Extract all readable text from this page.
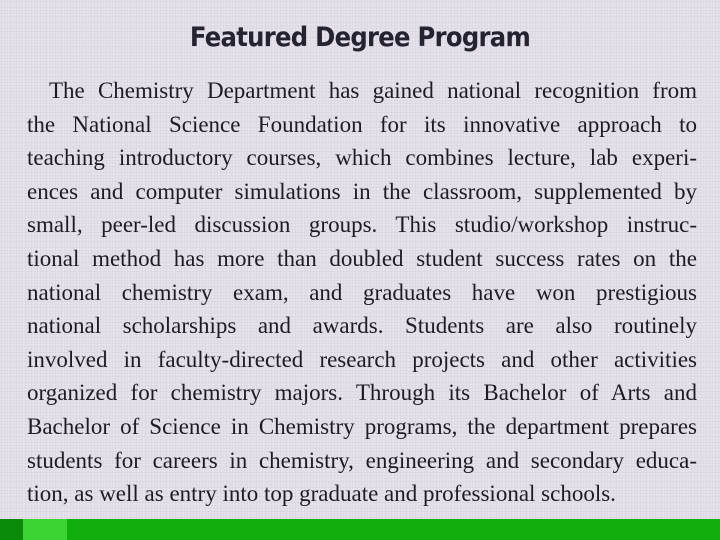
Featured Degree Program
The Chemistry Department has gained national recognition from
the National Science Foundation for its innovative approach to
teaching introductory courses, which combines lecture, lab experi-
ences and computer simulations in the classroom, supplemented by
small, peer-led discussion groups. This studio/workshop instruc-
tional method has more than doubled student success rates on the
national chemistry exam, and graduates have won prestigious
national scholarships and awards. Students are also routinely
involved in faculty-directed research projects and other activities
organized for chemistry majors. Through its Bachelor of Arts and
Bachelor of Science in Chemistry programs, the department prepares
students for careers in chemistry, engineering and secondary educa-
tion, as well as entry into top graduate and professional schools.
